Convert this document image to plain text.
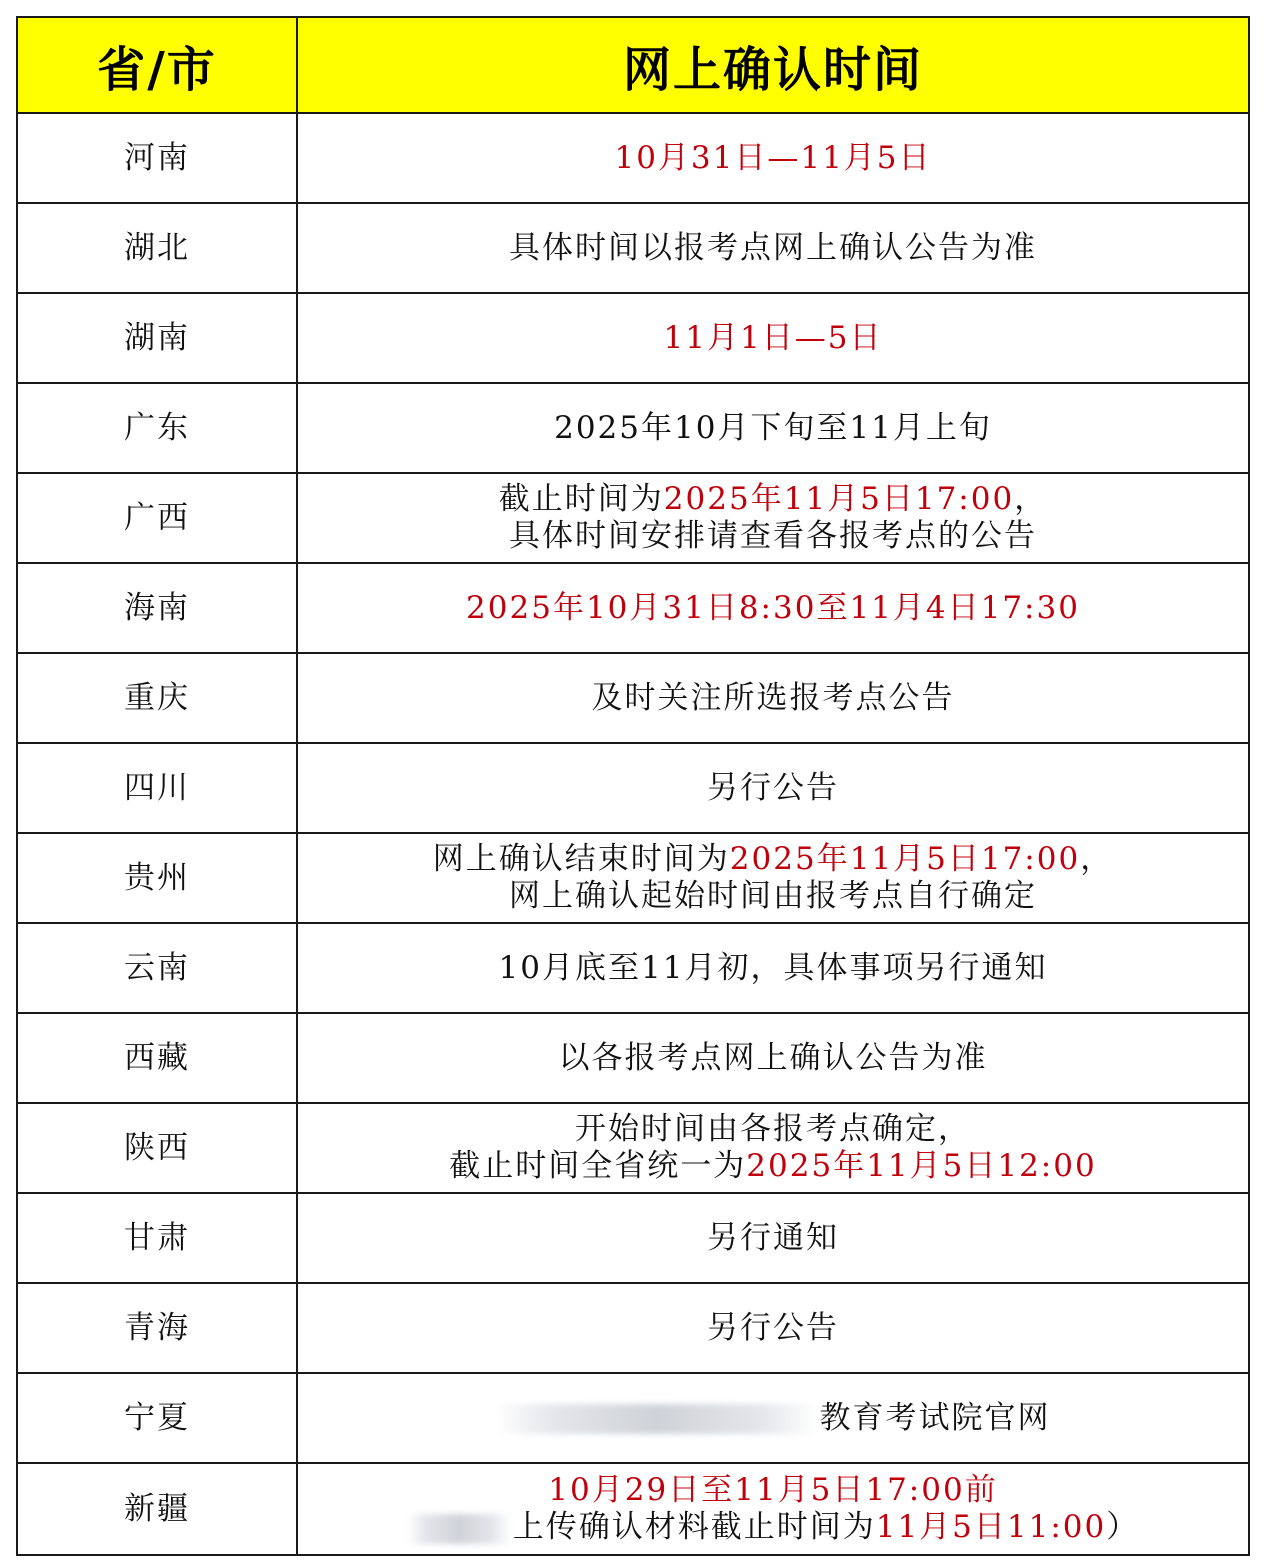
省/市	网上确认时间
河南	10月31日—11月5日

湖北	具体时间以报考点网上确认公告为准

湖南	11月1日—5日

广东	2025年10月下旬至11月上旬

广西	截止时间为2025年11月5日17:00，
具体时间安排请查看各报考点的公告

海南	2025年10月31日8:30至11月4日17:30

重庆	及时关注所选报考点公告

四川	另行公告

贵州	网上确认结束时间为2025年11月5日17:00，
网上确认起始时间由报考点自行确定

云南	10月底至11月初，具体事项另行通知

西藏	以各报考点网上确认公告为准

陕西	开始时间由各报考点确定，
截止时间全省统一为2025年11月5日12:00

甘肃	另行通知

青海	另行公告

宁夏	教育考试院官网

新疆	10月29日至11月5日17:00前
上传确认材料截止时间为11月5日11:00）
